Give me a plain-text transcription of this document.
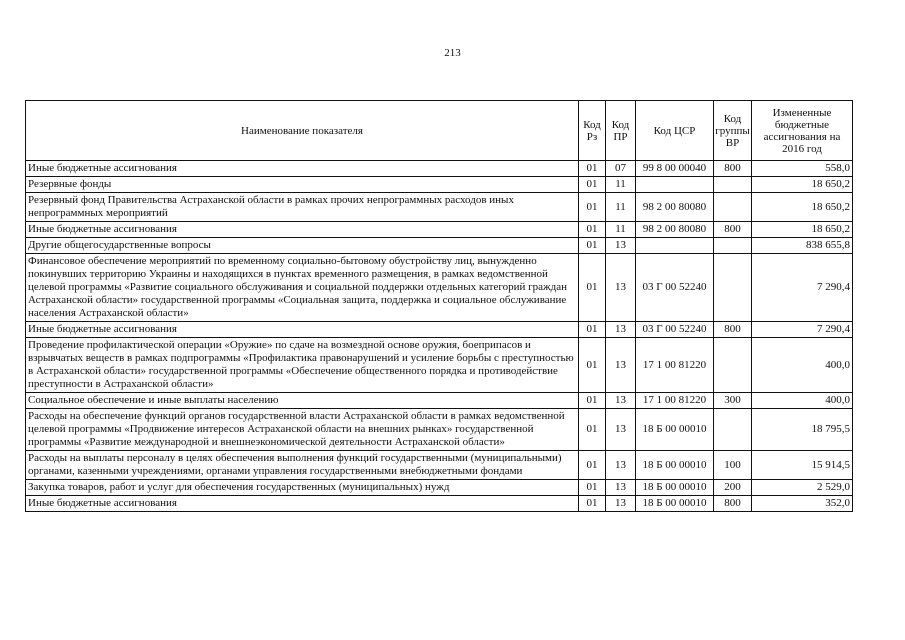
213
Наименование показателя	Код Рз	Код ПР	Код ЦСР	Код группы ВР	Измененные бюджетные ассигнования на 2016 год
Иные бюджетные ассигнования	01	07	99 8 00 00040	800	558,0
Резервные фонды	01	11			18 650,2
Резервный фонд Правительства Астраханской области в рамках прочих непрограммных расходов иных непрограммных мероприятий	01	11	98 2 00 80080		18 650,2
Иные бюджетные ассигнования	01	11	98 2 00 80080	800	18 650,2
Другие общегосударственные вопросы	01	13			838 655,8
Финансовое обеспечение мероприятий по временному социально-бытовому обустройству лиц, вынужденно покинувших территорию Украины и находящихся в пунктах временного размещения, в рамках ведомственной целевой программы «Развитие социального обслуживания и социальной поддержки отдельных категорий граждан Астраханской области» государственной программы «Социальная защита, поддержка и социальное обслуживание населения Астраханской области»	01	13	03 Г 00 52240		7 290,4
Иные бюджетные ассигнования	01	13	03 Г 00 52240	800	7 290,4
Проведение профилактической операции «Оружие» по сдаче на возмездной основе оружия, боеприпасов и взрывчатых веществ в рамках подпрограммы «Профилактика правонарушений и усиление борьбы с преступностью в Астраханской области» государственной программы «Обеспечение общественного порядка и противодействие преступности в Астраханской области»	01	13	17 1 00 81220		400,0
Социальное обеспечение и иные выплаты населению	01	13	17 1 00 81220	300	400,0
Расходы на обеспечение функций органов государственной власти Астраханской области в рамках ведомственной целевой программы «Продвижение интересов Астраханской области на внешних рынках» государственной программы «Развитие международной и внешнеэкономической деятельности Астраханской области»	01	13	18 Б 00 00010		18 795,5
Расходы на выплаты персоналу в целях обеспечения выполнения функций государственными (муниципальными) органами, казенными учреждениями, органами управления государственными внебюджетными фондами	01	13	18 Б 00 00010	100	15 914,5
Закупка товаров, работ и услуг для обеспечения государственных (муниципальных) нужд	01	13	18 Б 00 00010	200	2 529,0
Иные бюджетные ассигнования	01	13	18 Б 00 00010	800	352,0
